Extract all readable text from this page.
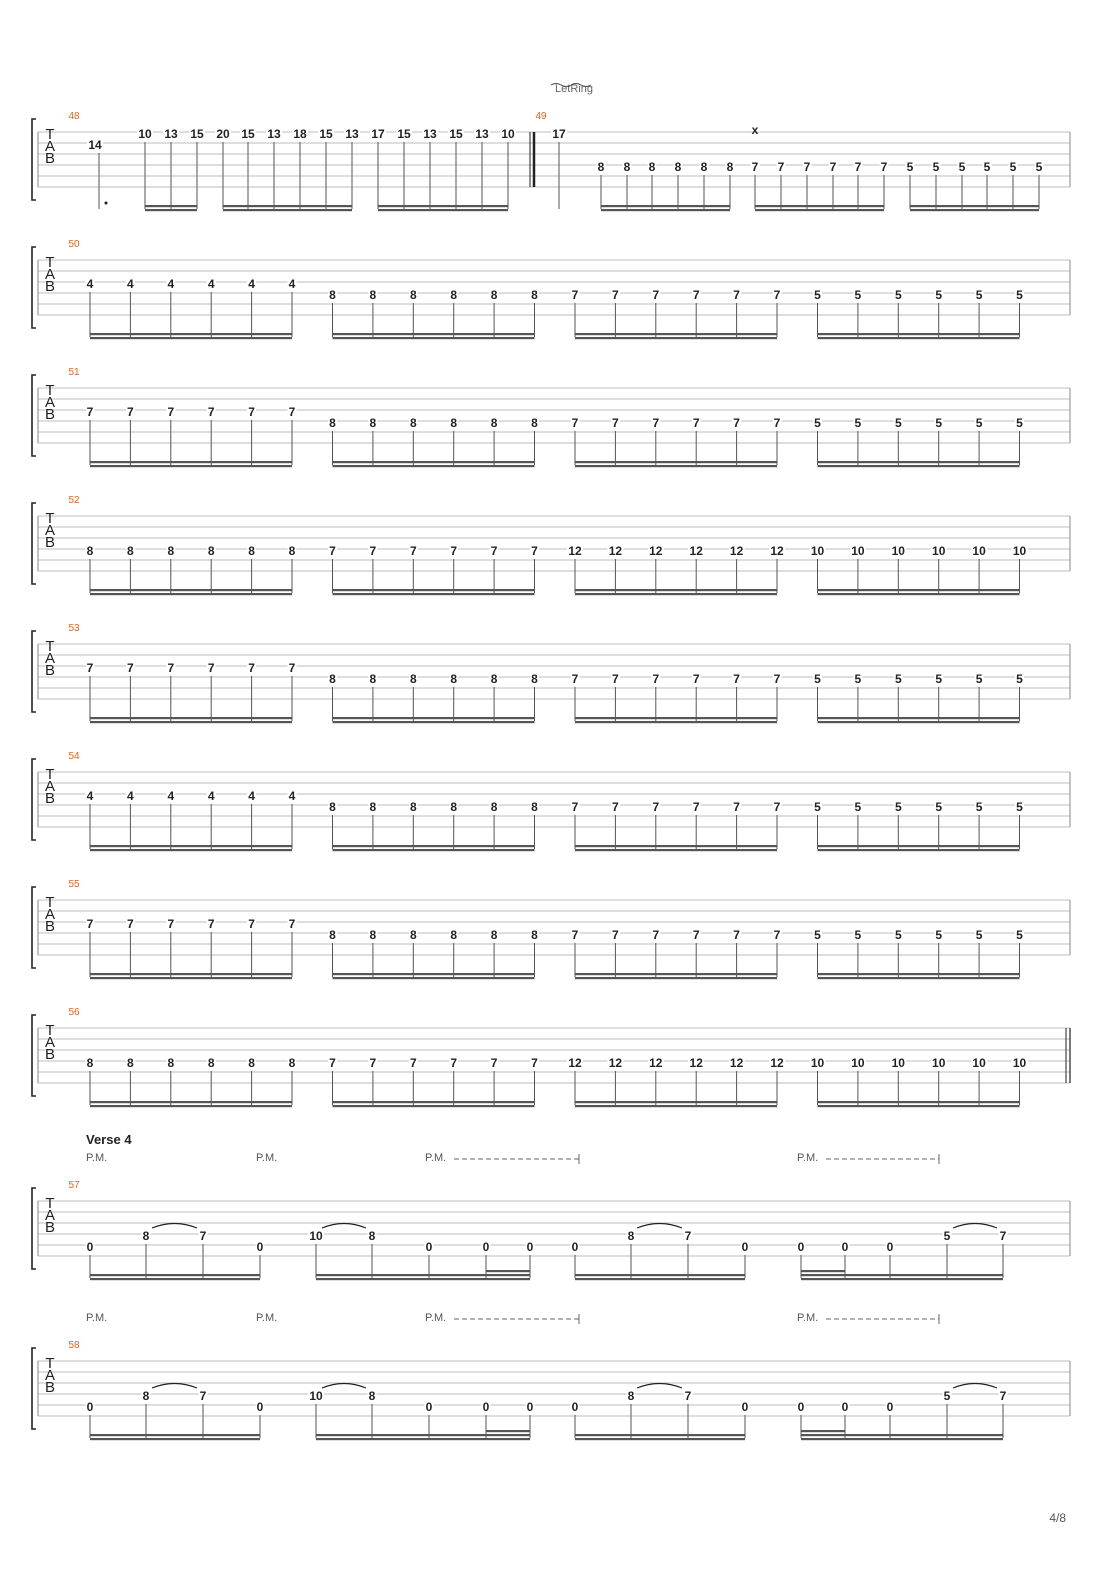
T
A
B
48
14
10 13 15 20 15 13 18 15 13 17 15 13 15 13 10
49
LetRing
17
8 8 8 8 8 8 7
x
7 7 7 7 7 5 5 5 5 5 5
T
A
B
50
4	4	4	4	4	4
8	8	8	8	8	8	7	7	7	7	7	7	5	5	5	5	5	5
T
A
B
51
7	7	7	7	7	7
8	8	8	8	8	8	7	7	7	7	7	7	5	5	5	5	5	5
T
A
B
52
8	8	8	8	8	8	7	7	7	7	7	7	12 12 12 12 12 12 10 10 10 10 10 10
T
A
B
53
7	7	7	7	7	7
8	8	8	8	8	8	7	7	7	7	7	7	5	5	5	5	5	5
T
A
B
54
4	4	4	4	4	4
8	8	8	8	8	8	7	7	7	7	7	7	5	5	5	5	5	5
T
A
B
55
7	7	7	7	7	7
8	8	8	8	8	8	7	7	7	7	7	7	5	5	5	5	5	5
T
A
B
56
8	8	8	8	8	8	7	7	7	7	7	7	12 12 12 12 12 12 10 10 10 10 10 10
Verse 4
P.M.	P.M.	P.M.	P.M.
T
A
B
57
0
8	7
0
10	8
0	0	0	0
8	7
0	0	0	0
5	7
P.M.	P.M.	P.M.	P.M.
T
A
B
58
0
8	7
0
10	8
0	0	0	0
8	7
0	0	0	0
5	7
4/8
